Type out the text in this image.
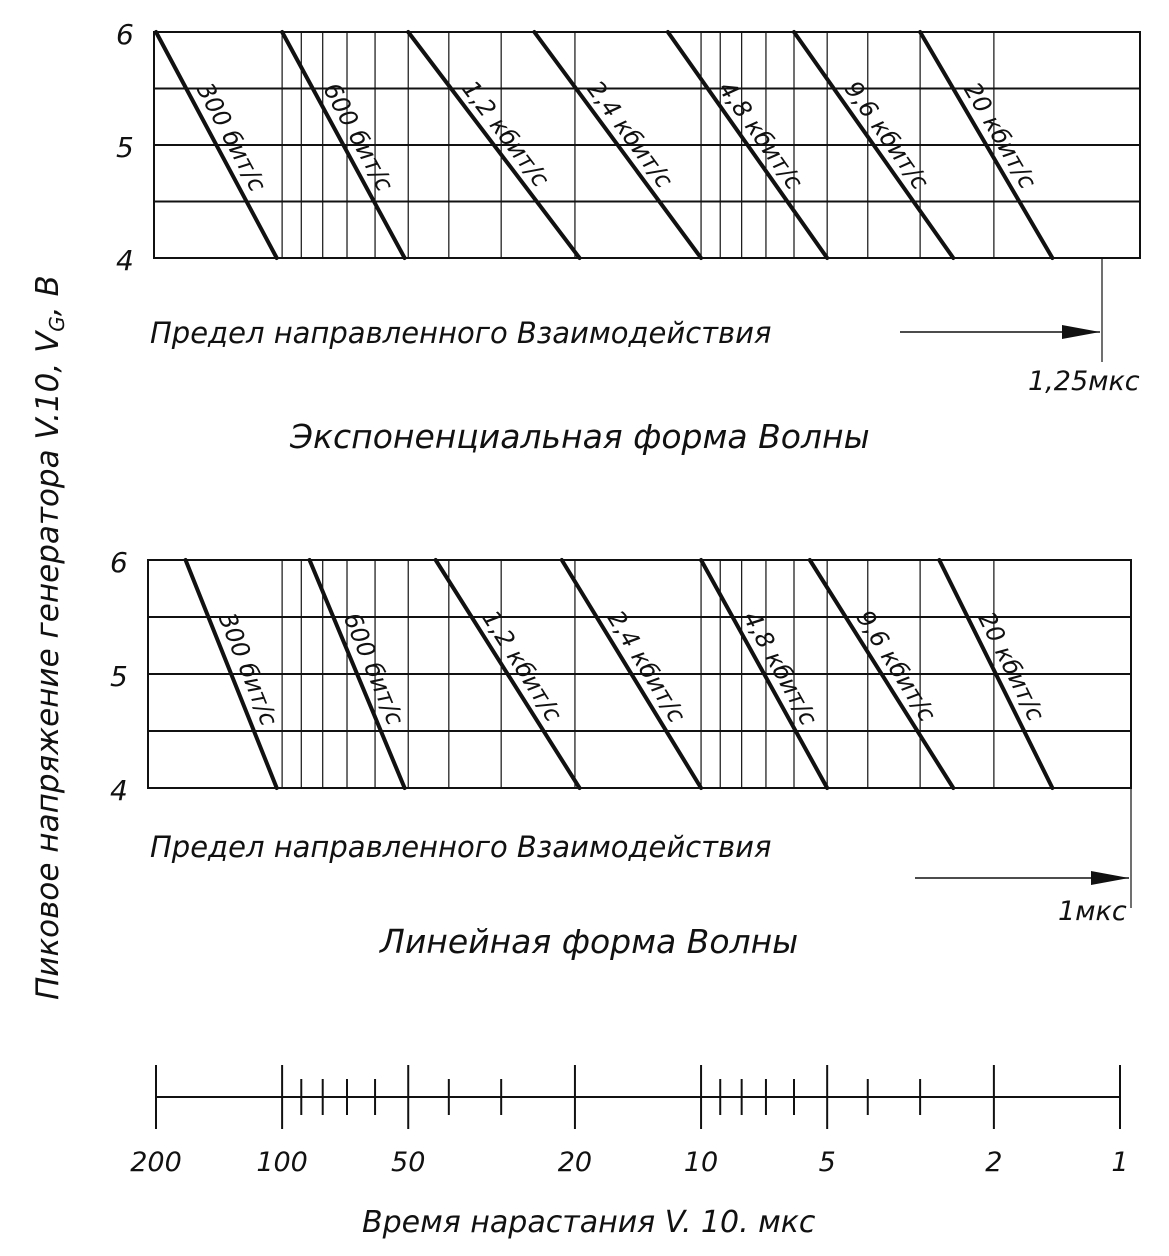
Пиковое напряжение генератора V.10, VG, В
6
5
4
300 бит/с 600 бит/с 1,2 кбит/с 2,4 кбит/с 4,8 кбит/с 9,6 кбит/с 20 кбит/с
Предел направленного Взаимодействия
1,25мкс
Экспоненциальная форма Волны
6
5
4
300 бит/с 600 бит/с	1,2 кбит/с 2,4 кбит/с 4,8 кбит/с 9,6 кбит/с 20 кбит/с
Предел направленного Взаимодействия
1мкс
Линейная форма Волны
200	100	50	20	10	5	2	1
Время нарастания V. 10. мкс
